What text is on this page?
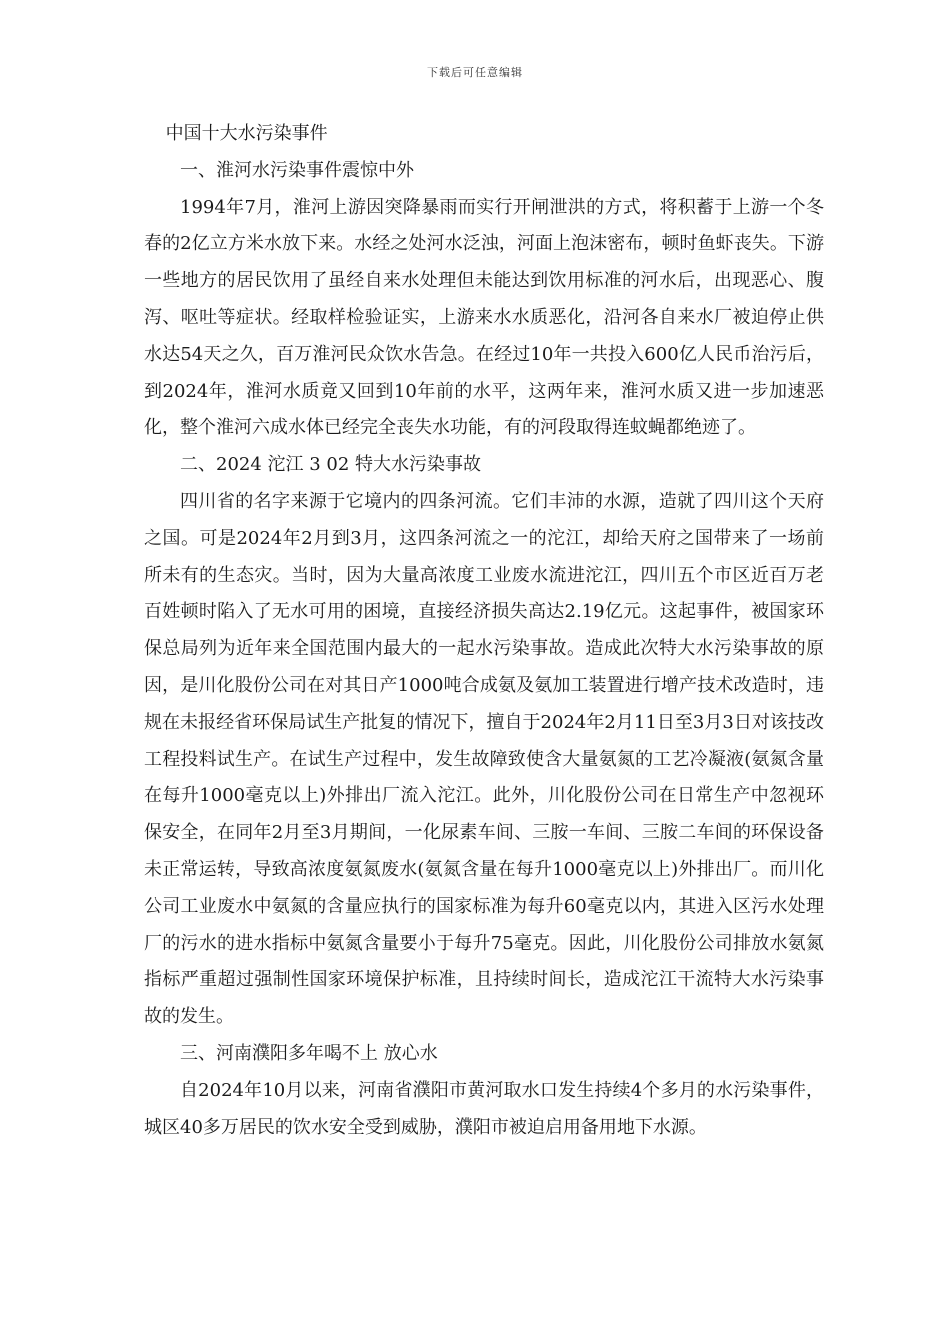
下载后可任意编辑

中国十大水污染事件

一、淮河水污染事件震惊中外

1994年7月，淮河上游因突降暴雨而实行开闸泄洪的方式，将积蓄于上游一个冬春的2亿立方米水放下来。水经之处河水泛浊，河面上泡沫密布，顿时鱼虾丧失。下游一些地方的居民饮用了虽经自来水处理但未能达到饮用标准的河水后，出现恶心、腹泻、呕吐等症状。经取样检验证实，上游来水水质恶化，沿河各自来水厂被迫停止供水达54天之久，百万淮河民众饮水告急。在经过10年一共投入600亿人民币治污后，到2024年，淮河水质竟又回到10年前的水平，这两年来，淮河水质又进一步加速恶化，整个淮河六成水体已经完全丧失水功能，有的河段取得连蚊蝇都绝迹了。

二、2024 沱江 3 02 特大水污染事故

四川省的名字来源于它境内的四条河流。它们丰沛的水源，造就了四川这个天府之国。可是2024年2月到3月，这四条河流之一的沱江，却给天府之国带来了一场前所未有的生态灾。当时，因为大量高浓度工业废水流进沱江，四川五个市区近百万老百姓顿时陷入了无水可用的困境，直接经济损失高达2.19亿元。这起事件，被国家环保总局列为近年来全国范围内最大的一起水污染事故。造成此次特大水污染事故的原因，是川化股份公司在对其日产1000吨合成氨及氨加工装置进行增产技术改造时，违规在未报经省环保局试生产批复的情况下，擅自于2024年2月11日至3月3日对该技改工程投料试生产。在试生产过程中，发生故障致使含大量氨氮的工艺冷凝液(氨氮含量在每升1000毫克以上)外排出厂流入沱江。此外，川化股份公司在日常生产中忽视环保安全，在同年2月至3月期间，一化尿素车间、三胺一车间、三胺二车间的环保设备未正常运转，导致高浓度氨氮废水(氨氮含量在每升1000毫克以上)外排出厂。而川化公司工业废水中氨氮的含量应执行的国家标准为每升60毫克以内，其进入区污水处理厂的污水的进水指标中氨氮含量要小于每升75毫克。因此，川化股份公司排放水氨氮指标严重超过强制性国家环境保护标准，且持续时间长，造成沱江干流特大水污染事故的发生。

三、河南濮阳多年喝不上 放心水

自2024年10月以来，河南省濮阳市黄河取水口发生持续4个多月的水污染事件，城区40多万居民的饮水安全受到威胁，濮阳市被迫启用备用地下水源。
